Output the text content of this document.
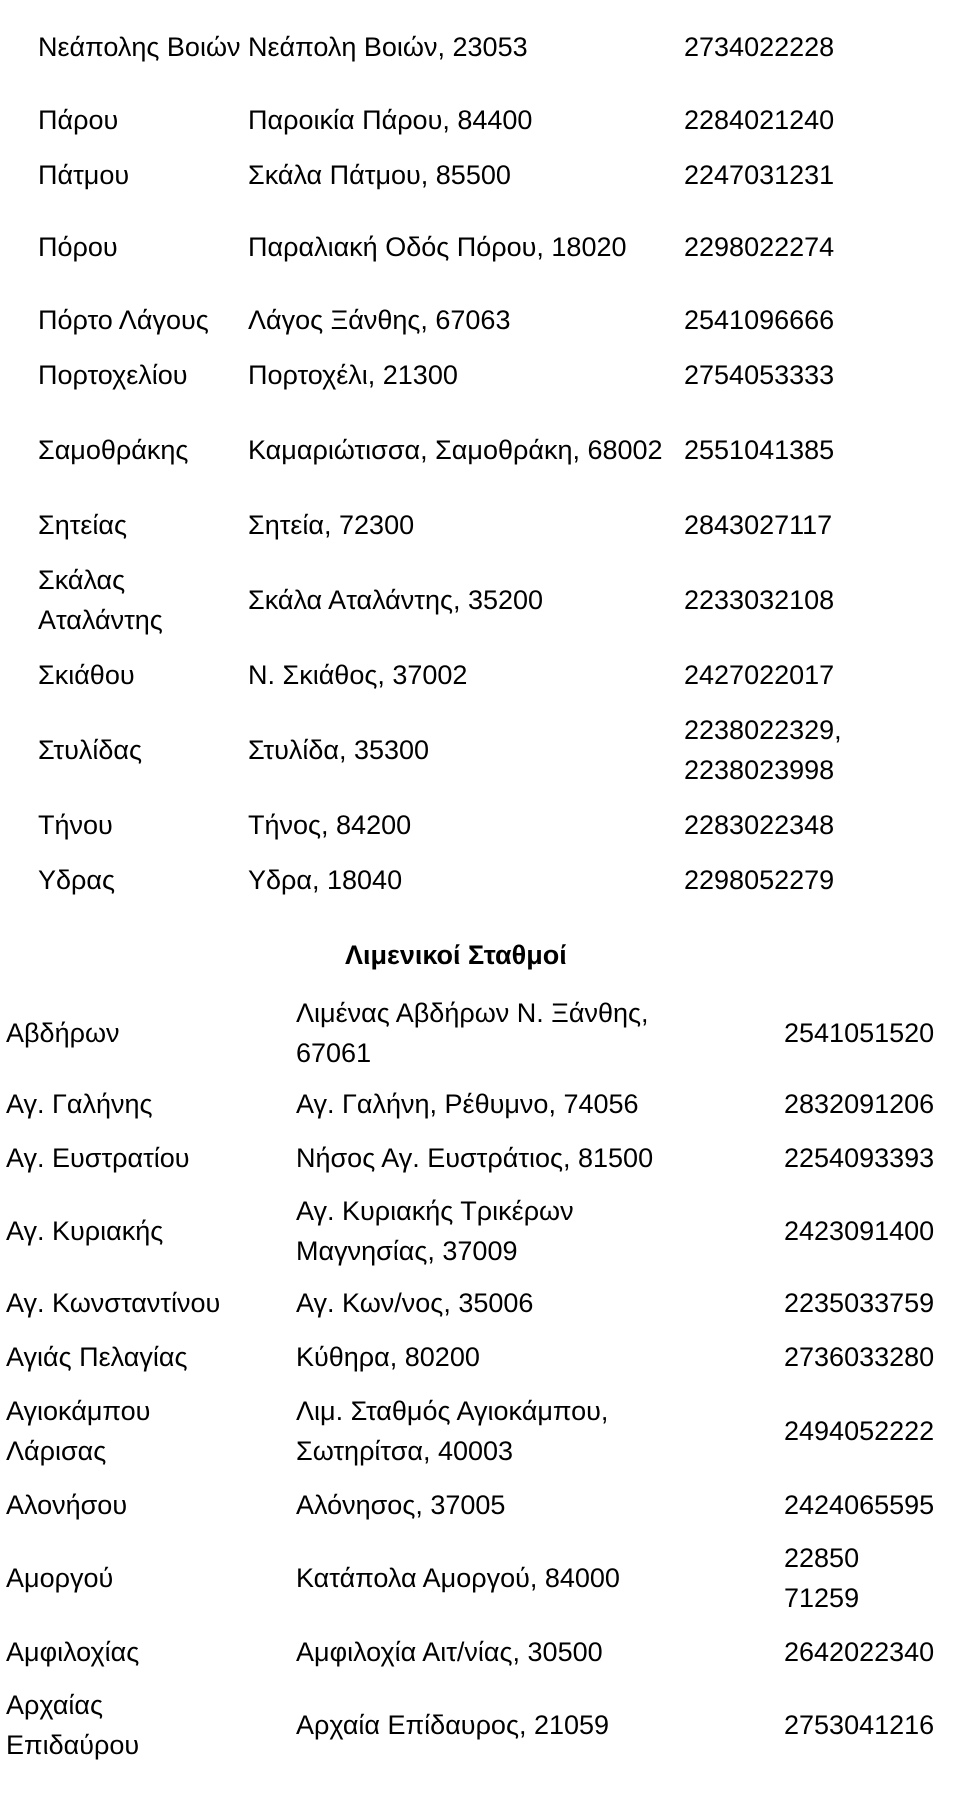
Νεάπολης Βοιών	Νεάπολη Βοιών, 23053	2734022228
Πάρου	Παροικία Πάρου, 84400	2284021240
Πάτμου	Σκάλα Πάτμου, 85500	2247031231
Πόρου	Παραλιακή Οδός Πόρου, 18020	2298022274
Πόρτο Λάγους	Λάγος Ξάνθης, 67063	2541096666
Πορτοχελίου	Πορτοχέλι, 21300	2754053333
Σαμοθράκης	Καμαριώτισσα, Σαμοθράκη, 68002	2551041385
Σητείας	Σητεία, 72300	2843027117
Σκάλας Αταλάντης	Σκάλα Αταλάντης, 35200	2233032108
Σκιάθου	Ν. Σκιάθος, 37002	2427022017
Στυλίδας	Στυλίδα, 35300	2238022329, 2238023998
Τήνου	Τήνος, 84200	2283022348
Υδρας	Υδρα, 18040	2298052279
Λιμενικοί Σταθμοί
Αβδήρων	Λιμένας Αβδήρων Ν. Ξάνθης, 67061	2541051520
Αγ. Γαλήνης	Αγ. Γαλήνη, Ρέθυμνο, 74056	2832091206
Αγ. Ευστρατίου	Νήσος Αγ. Ευστράτιος, 81500	2254093393
Αγ. Κυριακής	Αγ. Κυριακής Τρικέρων Μαγνησίας, 37009	2423091400
Αγ. Κωνσταντίνου	Αγ. Κων/νος, 35006	2235033759
Αγιάς Πελαγίας	Κύθηρα, 80200	2736033280
Αγιοκάμπου Λάρισας	Λιμ. Σταθμός Αγιοκάμπου, Σωτηρίτσα, 40003	2494052222
Αλονήσου	Αλόνησος, 37005	2424065595
Αμοργού	Κατάπολα Αμοργού, 84000	22850 71259
Αμφιλοχίας	Αμφιλοχία Αιτ/νίας, 30500	2642022340
Αρχαίας Επιδαύρου	Αρχαία Επίδαυρος, 21059	2753041216
